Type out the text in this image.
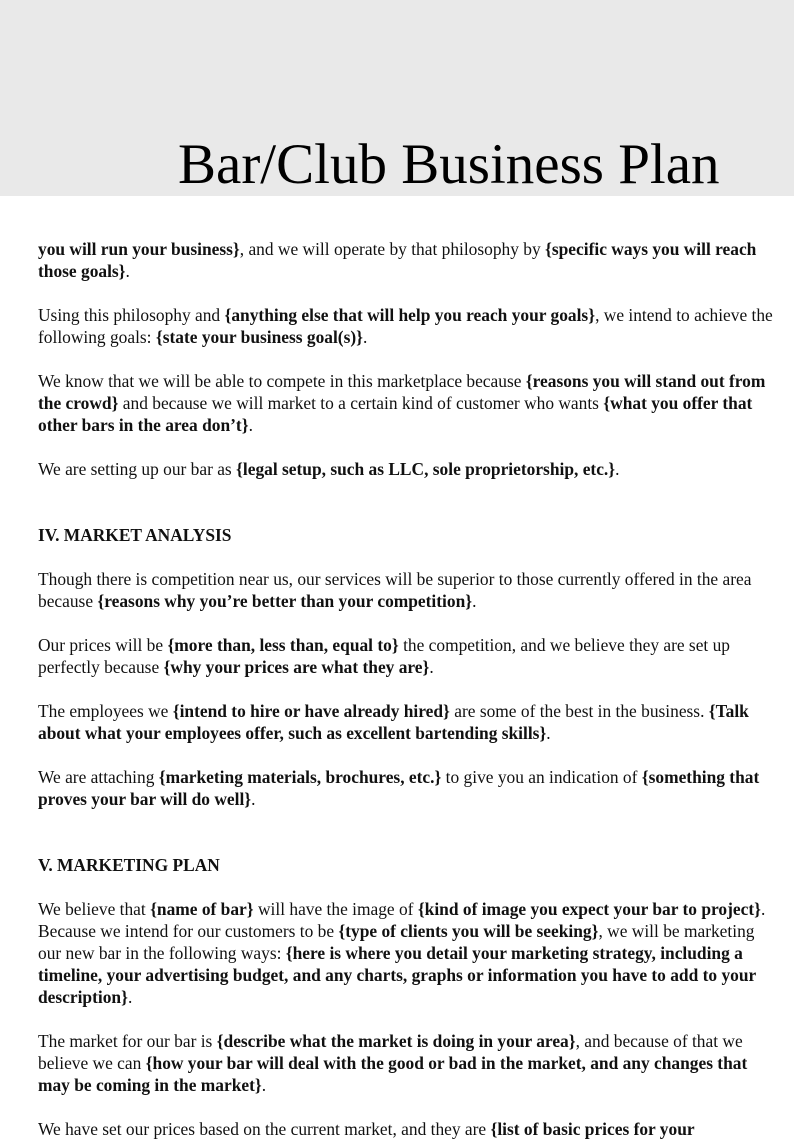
Bar/Club Business Plan

you will run your business}, and we will operate by that philosophy by {specific ways you will reach those goals}.

Using this philosophy and {anything else that will help you reach your goals}, we intend to achieve the following goals: {state your business goal(s)}.

We know that we will be able to compete in this marketplace because {reasons you will stand out from the crowd} and because we will market to a certain kind of customer who wants {what you offer that other bars in the area don’t}.

We are setting up our bar as {legal setup, such as LLC, sole proprietorship, etc.}.

IV. MARKET ANALYSIS

Though there is competition near us, our services will be superior to those currently offered in the area because {reasons why you’re better than your competition}.

Our prices will be {more than, less than, equal to} the competition, and we believe they are set up perfectly because {why your prices are what they are}.

The employees we {intend to hire or have already hired} are some of the best in the business. {Talk about what your employees offer, such as excellent bartending skills}.

We are attaching {marketing materials, brochures, etc.} to give you an indication of {something that proves your bar will do well}.

V. MARKETING PLAN

We believe that {name of bar} will have the image of {kind of image you expect your bar to project}. Because we intend for our customers to be {type of clients you will be seeking}, we will be marketing our new bar in the following ways: {here is where you detail your marketing strategy, including a timeline, your advertising budget, and any charts, graphs or information you have to add to your description}.

The market for our bar is {describe what the market is doing in your area}, and because of that we believe we can {how your bar will deal with the good or bad in the market, and any changes that may be coming in the market}.

We have set our prices based on the current market, and they are {list of basic prices for your
